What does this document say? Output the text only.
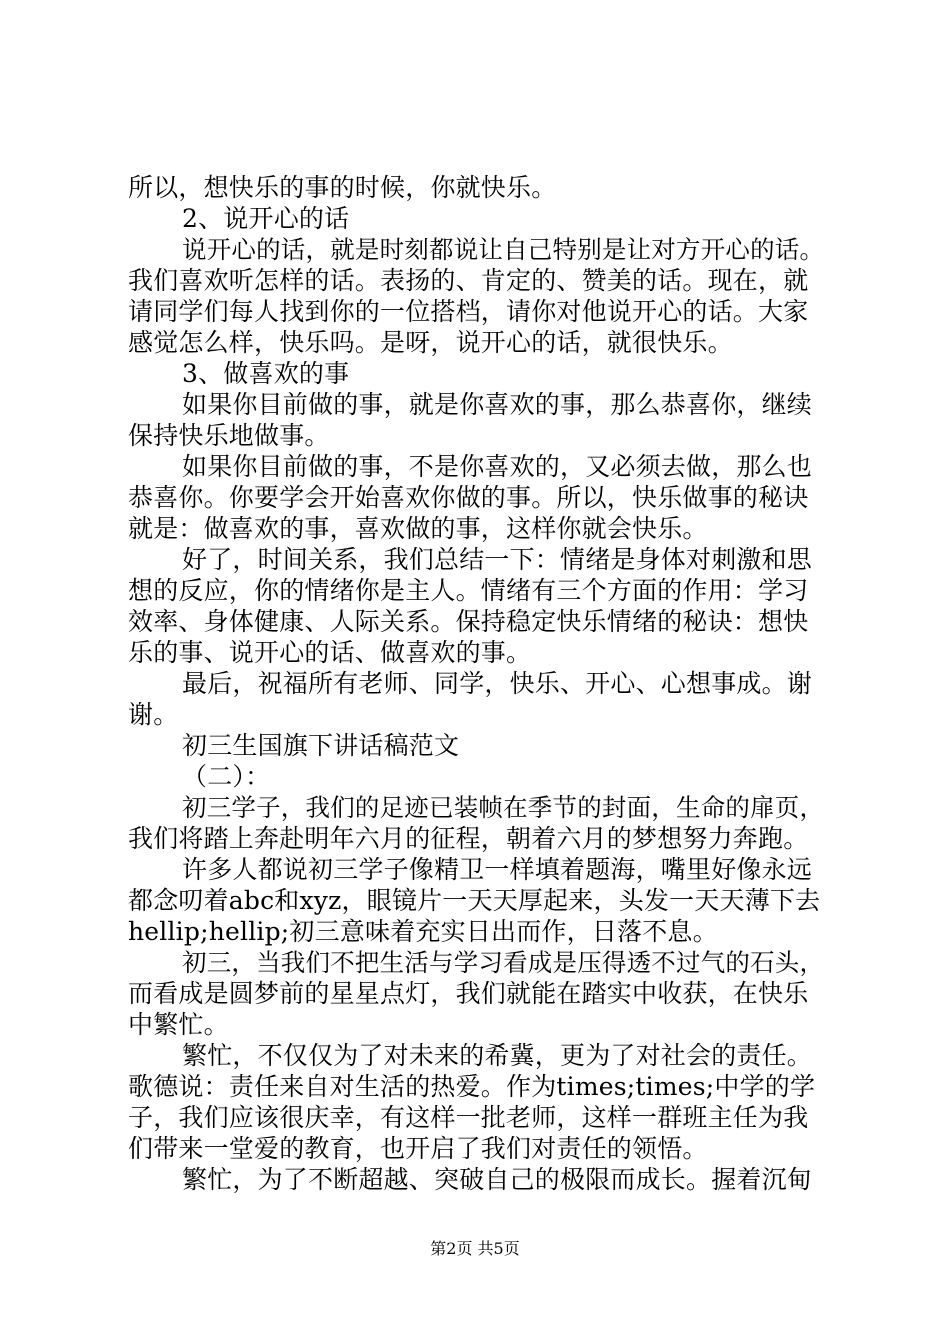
所以，想快乐的事的时候，你就快乐。
2、说开心的话
说开心的话，就是时刻都说让自己特别是让对方开心的话。
我们喜欢听怎样的话。表扬的、肯定的、赞美的话。现在，就
请同学们每人找到你的一位搭档，请你对他说开心的话。大家
感觉怎么样，快乐吗。是呀，说开心的话，就很快乐。
3、做喜欢的事
如果你目前做的事，就是你喜欢的事，那么恭喜你，继续
保持快乐地做事。
如果你目前做的事，不是你喜欢的，又必须去做，那么也
恭喜你。你要学会开始喜欢你做的事。所以，快乐做事的秘诀
就是：做喜欢的事，喜欢做的事，这样你就会快乐。
好了，时间关系，我们总结一下：情绪是身体对刺激和思
想的反应，你的情绪你是主人。情绪有三个方面的作用：学习
效率、身体健康、人际关系。保持稳定快乐情绪的秘诀：想快
乐的事、说开心的话、做喜欢的事。
最后，祝福所有老师、同学，快乐、开心、心想事成。谢
谢。
初三生国旗下讲话稿范文
（二）：
初三学子，我们的足迹已装帧在季节的封面，生命的扉页，
我们将踏上奔赴明年六月的征程，朝着六月的梦想努力奔跑。
许多人都说初三学子像精卫一样填着题海，嘴里好像永远
都念叨着abc和xyz，眼镜片一天天厚起来，头发一天天薄下去
hellip;hellip;初三意味着充实日出而作，日落不息。
初三，当我们不把生活与学习看成是压得透不过气的石头，
而看成是圆梦前的星星点灯，我们就能在踏实中收获，在快乐
中繁忙。
繁忙，不仅仅为了对未来的希冀，更为了对社会的责任。
歌德说：责任来自对生活的热爱。作为times;times;中学的学
子，我们应该很庆幸，有这样一批老师，这样一群班主任为我
们带来一堂爱的教育，也开启了我们对责任的领悟。
繁忙，为了不断超越、突破自己的极限而成长。握着沉甸
第2页 共5页
